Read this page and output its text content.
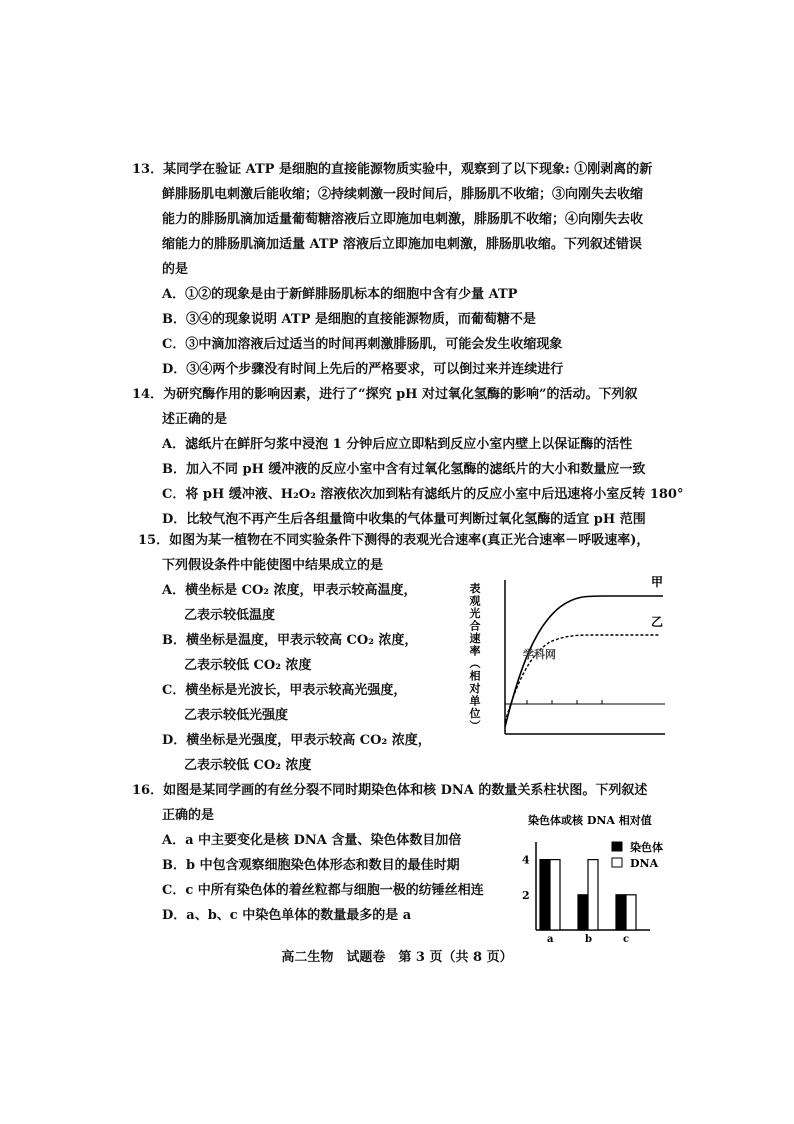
13．某同学在验证 ATP 是细胞的直接能源物质实验中，观察到了以下现象: ①刚剥离的新
鲜腓肠肌电刺激后能收缩；②持续刺激一段时间后，腓肠肌不收缩；③向刚失去收缩
能力的腓肠肌滴加适量葡萄糖溶液后立即施加电刺激，腓肠肌不收缩；④向刚失去收
缩能力的腓肠肌滴加适量 ATP 溶液后立即施加电刺激，腓肠肌收缩。下列叙述错误
的是
A．①②的现象是由于新鲜腓肠肌标本的细胞中含有少量 ATP
B．③④的现象说明 ATP 是细胞的直接能源物质，而葡萄糖不是
C．③中滴加溶液后过适当的时间再刺激腓肠肌，可能会发生收缩现象
D．③④两个步骤没有时间上先后的严格要求，可以倒过来并连续进行
14．为研究酶作用的影响因素，进行了“探究 pH 对过氧化氢酶的影响”的活动。下列叙
述正确的是
A．滤纸片在鲜肝匀浆中浸泡 1 分钟后应立即粘到反应小室内壁上以保证酶的活性
B．加入不同 pH 缓冲液的反应小室中含有过氧化氢酶的滤纸片的大小和数量应一致
C．将 pH 缓冲液、H₂O₂ 溶液依次加到粘有滤纸片的反应小室中后迅速将小室反转 180°
D．比较气泡不再产生后各组量筒中收集的气体量可判断过氧化氢酶的适宜 pH 范围
15．如图为某一植物在不同实验条件下测得的表观光合速率(真正光合速率－呼吸速率)，
下列假设条件中能使图中结果成立的是
A．横坐标是 CO₂ 浓度，甲表示较高温度，
乙表示较低温度
B．横坐标是温度，甲表示较高 CO₂ 浓度，
乙表示较低 CO₂ 浓度
C．横坐标是光波长，甲表示较高光强度，
乙表示较低光强度
D．横坐标是光强度，甲表示较高 CO₂ 浓度，
乙表示较低 CO₂ 浓度
表观光合速率︵相对单位︶
甲
乙
学科网
16．如图是某同学画的有丝分裂不同时期染色体和核 DNA 的数量关系柱状图。下列叙述
正确的是
A．a 中主要变化是核 DNA 含量、染色体数目加倍
B．b 中包含观察细胞染色体形态和数目的最佳时期
C．c 中所有染色体的着丝粒都与细胞一极的纺锤丝相连
D．a、b、c 中染色单体的数量最多的是 a
染色体或核 DNA 相对值
2
4
a	b	c
染色体
DNA
高二生物　试题卷　第 3 页（共 8 页）
